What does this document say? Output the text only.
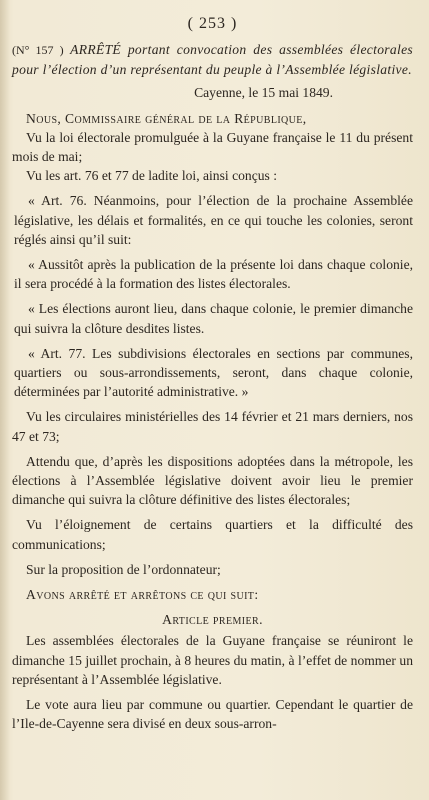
( 253 )

(N° 157 ) ARRÊTÉ portant convocation des assemblées électorales pour l’élection d’un représentant du peuple à l’Assemblée législative.

Cayenne, le 15 mai 1849.

Nous, Commissaire général de la République,

Vu la loi électorale promulguée à la Guyane française le 11 du présent mois de mai;

Vu les art. 76 et 77 de ladite loi, ainsi conçus :

« Art. 76. Néanmoins, pour l’élection de la prochaine Assemblée législative, les délais et formalités, en ce qui touche les colonies, seront réglés ainsi qu’il suit:

« Aussitôt après la publication de la présente loi dans chaque colonie, il sera procédé à la formation des listes électorales.

« Les élections auront lieu, dans chaque colonie, le premier dimanche qui suivra la clôture desdites listes.

« Art. 77. Les subdivisions électorales en sections par communes, quartiers ou sous-arrondissements, seront, dans chaque colonie, déterminées par l’autorité administrative. »

Vu les circulaires ministérielles des 14 février et 21 mars derniers, nos 47 et 73;

Attendu que, d’après les dispositions adoptées dans la métropole, les élections à l’Assemblée législative doivent avoir lieu le premier dimanche qui suivra la clôture définitive des listes électorales;

Vu l’éloignement de certains quartiers et la difficulté des communications;

Sur la proposition de l’ordonnateur;

Avons arrêté et arrêtons ce qui suit:

Article premier.

Les assemblées électorales de la Guyane française se réuniront le dimanche 15 juillet prochain, à 8 heures du matin, à l’effet de nommer un représentant à l’Assemblée législative.

Le vote aura lieu par commune ou quartier. Cependant le quartier de l’Ile-de-Cayenne sera divisé en deux sous-arron-
